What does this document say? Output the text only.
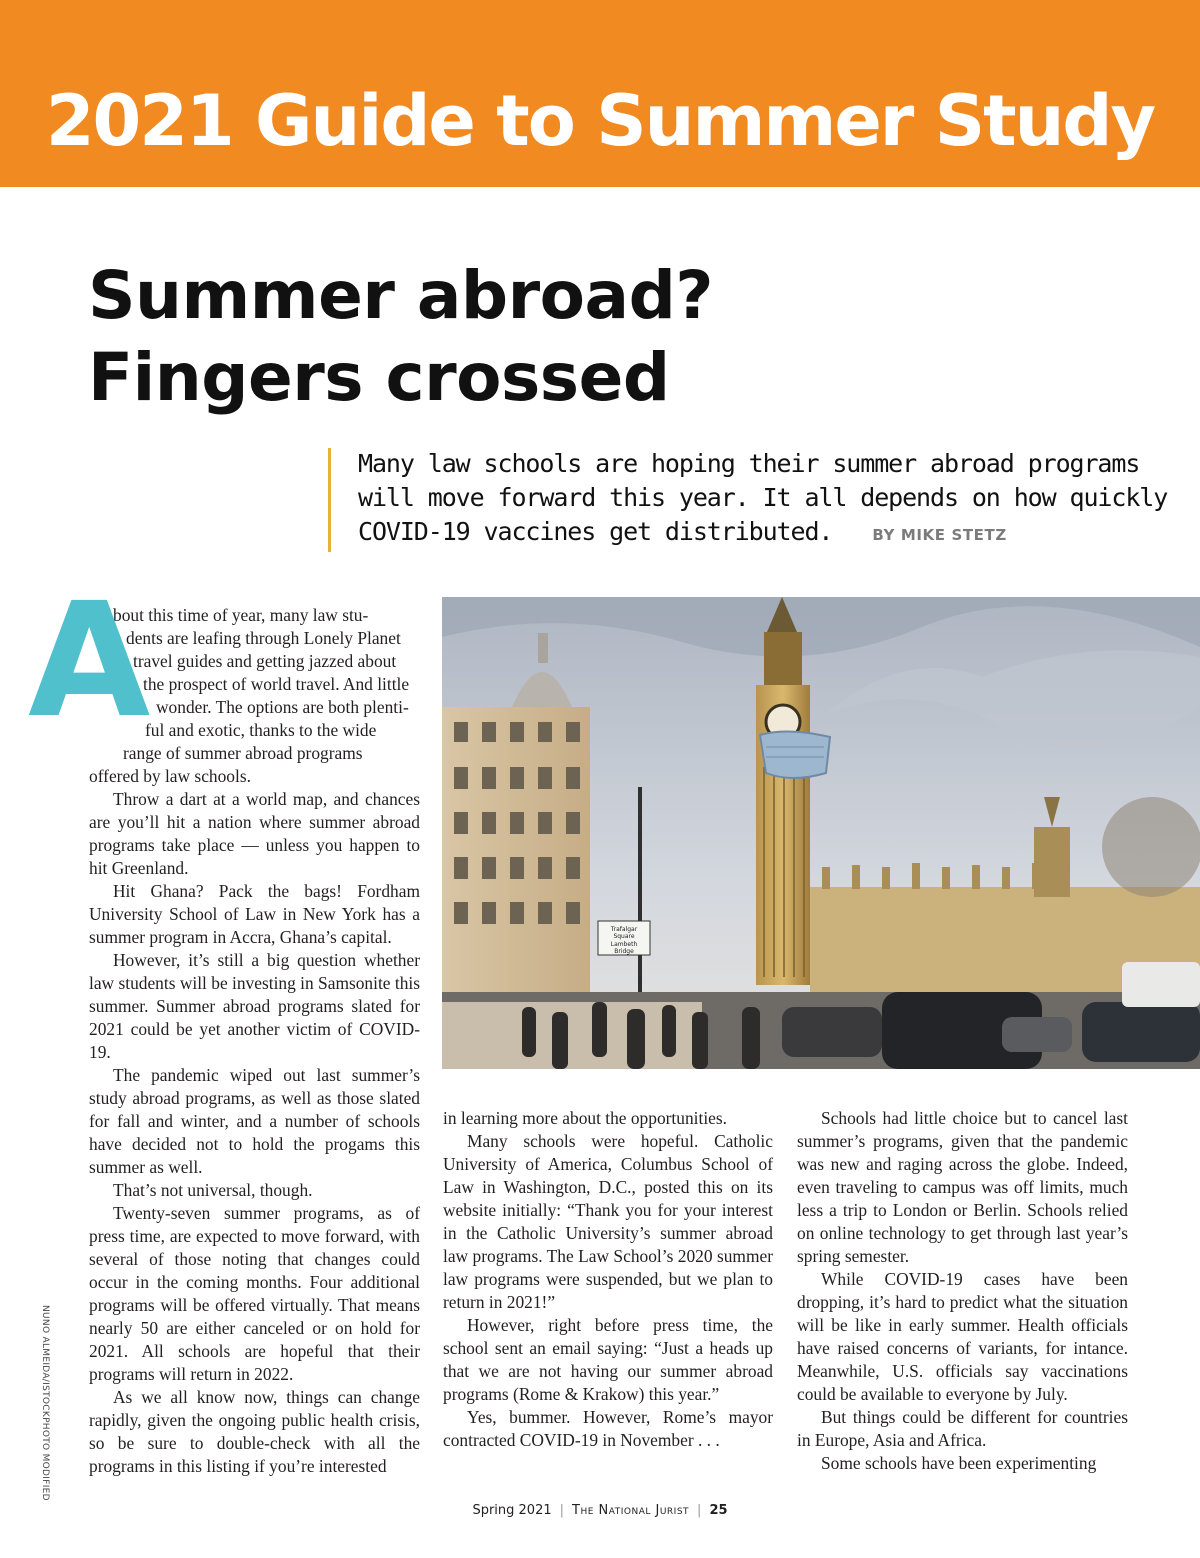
2021 Guide to Summer Study
Summer abroad?
Fingers crossed
Many law schools are hoping their summer abroad programs
will move forward this year. It all depends on how quickly
COVID-19 vaccines get distributed.	BY MIKE STETZ
A

bout this time of year, many law stu-

dents are leafing through Lonely Planet

travel guides and getting jazzed about

the prospect of world travel. And little

wonder. The options are both plenti-

ful and exotic, thanks to the wide

range of summer abroad programs

offered by law schools.

Throw a dart at a world map, and chances are you’ll hit a nation where summer abroad programs take place — unless you happen to hit Greenland.

Hit Ghana? Pack the bags! Fordham University School of Law in New York has a summer program in Accra, Ghana’s capital.

However, it’s still a big question whether law students will be investing in Samsonite this summer. Summer abroad programs slated for 2021 could be yet another victim of COVID-19.

The pandemic wiped out last summer’s study abroad programs, as well as those slated for fall and winter, and a number of schools have decided not to hold the progams this summer as well.

That’s not universal, though.

Twenty-seven summer programs, as of press time, are expected to move forward, with several of those noting that changes could occur in the coming months. Four additional programs will be offered virtually. That means nearly 50 are either canceled or on hold for 2021. All schools are hopeful that their programs will return in 2022.

As we all know now, things can change rapidly, given the ongoing public health crisis, so be sure to double-check with all the programs in this listing if you’re interested

in learning more about the opportunities.

Many schools were hopeful. Catholic University of America, Columbus School of Law in Washington, D.C., posted this on its website initially: “Thank you for your interest in the Catholic University’s summer abroad law programs. The Law School’s 2020 summer law programs were suspended, but we plan to return in 2021!”

However, right before press time, the school sent an email saying: “Just a heads up that we are not having our summer abroad programs (Rome & Krakow) this year.”

Yes, bummer. However, Rome’s mayor contracted COVID-19 in November . . .

Schools had little choice but to cancel last summer’s programs, given that the pandemic was new and raging across the globe. Indeed, even traveling to campus was off limits, much less a trip to London or Berlin. Schools relied on online technology to get through last year’s spring semester.

While COVID-19 cases have been dropping, it’s hard to predict what the situation will be like in early summer. Health officials have raised concerns of variants, for intance. Meanwhile, U.S. officials say vaccinations could be available to everyone by July.

But things could be different for countries in Europe, Asia and Africa.

Some schools have been experimenting

Trafalgar
Square
Lambeth
Bridge
NUNO ALMEIDA/ISTOCKPHOTO MODIFIED
Spring 2021 | The National Jurist | 25
